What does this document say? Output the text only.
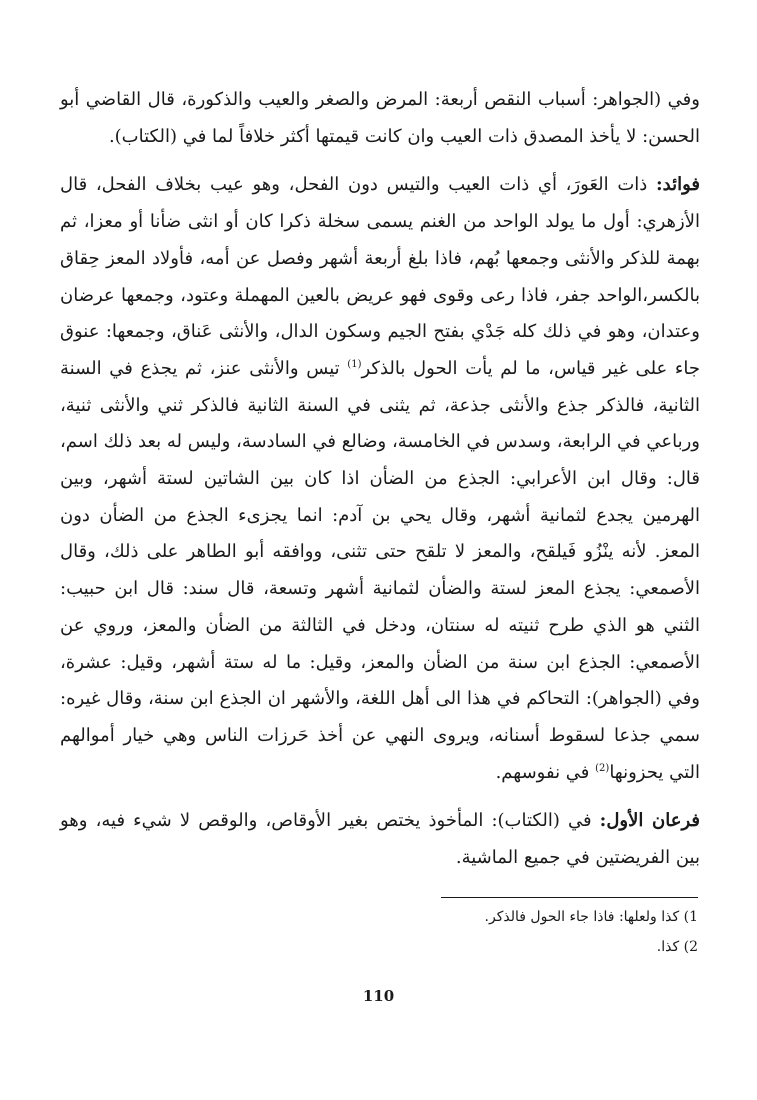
وفي (الجواهر: أسباب النقص أربعة: المرض والصغر والعيب والذكورة، قال القاضي أبو الحسن: لا يأخذ المصدق ذات العيب وان كانت قيمتها أكثر خلافاً لما في (الكتاب).

فوائد: ذات العَورَ، أي ذات العيب والتيس دون الفحل، وهو عيب بخلاف الفحل، قال الأزهري: أول ما يولد الواحد من الغنم يسمى سخلة ذكرا كان أو انثى ضأنا أو معزا، ثم بهمة للذكر والأنثى وجمعها بُهم، فاذا بلغ أربعة أشهر وفصل عن أمه، فأولاد المعز حِقاق بالكسر،الواحد جفر، فاذا رعى وقوى فهو عريض بالعين المهملة وعتود، وجمعها عرضان وعتدان، وهو في ذلك كله جَدْي بفتح الجيم وسكون الدال، والأنثى عَناق، وجمعها: عنوق جاء على غير قياس، ما لم يأت الحول بالذكر$^{(1)}$ تيس والأنثى عنز، ثم يجذع في السنة الثانية، فالذكر جذع والأنثى جذعة، ثم يثنى في السنة الثانية فالذكر ثني والأنثى ثنية، ورباعي في الرابعة، وسدس في الخامسة، وضالع في السادسة، وليس له بعد ذلك اسم، قال: وقال ابن الأعرابي: الجذع من الضأن اذا كان بين الشاتين لستة أشهر، وبين الهرمين يجدع لثمانية أشهر، وقال يحي بن آدم: انما يجزىء الجذع من الضأن دون المعز. لأنه ينْزُو فَيلقح، والمعز لا تلقح حتى تثنى، ووافقه أبو الطاهر على ذلك، وقال الأصمعي: يجذع المعز لستة والضأن لثمانية أشهر وتسعة، قال سند: قال ابن حبيب: الثني هو الذي طرح ثنيته له سنتان، ودخل في الثالثة من الضأن والمعز، وروي عن الأصمعي: الجذع ابن سنة من الضأن والمعز، وقيل: ما له ستة أشهر، وقيل: عشرة، وفي (الجواهر): التحاكم في هذا الى أهل اللغة، والأشهر ان الجذع ابن سنة، وقال غيره: سمي جذعا لسقوط أسنانه، ويروى النهي عن أخذ حَرزات الناس وهي خيار أموالهم التي يحزونها$^{(2)}$ في نفوسهم.

فرعان الأول: في (الكتاب): المأخوذ يختص بغير الأوقاص، والوقص لا شيء فيه، وهو بين الفريضتين في جميع الماشية.

1) كذا ولعلها: فاذا جاء الحول فالذكر.
2) كذا.
110
